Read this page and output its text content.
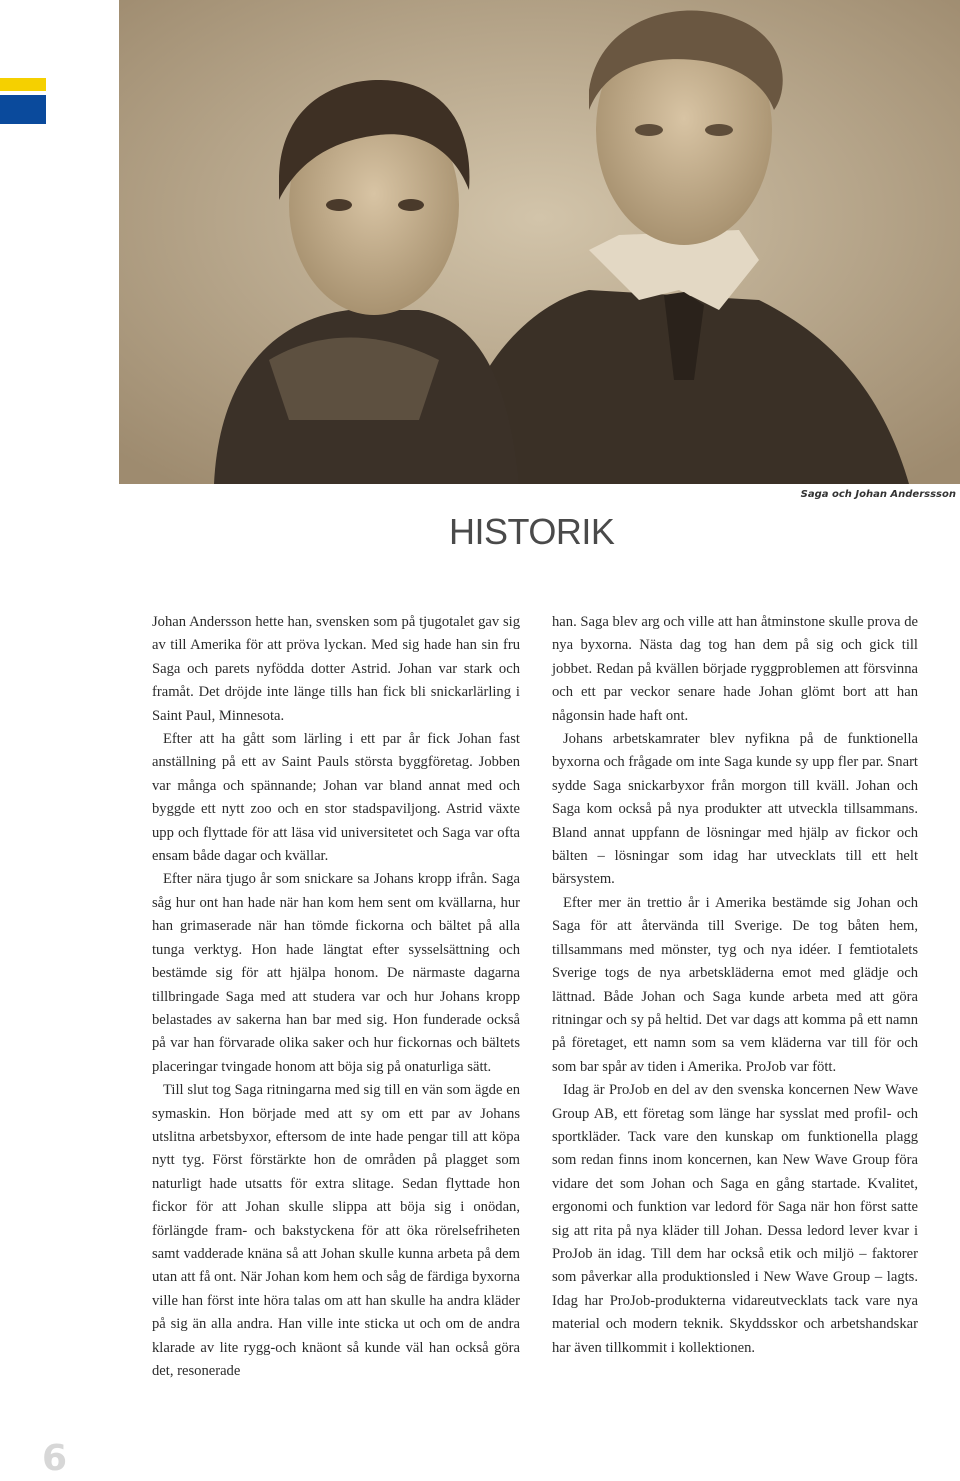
Saga och Johan Anderssson
HISTORIK

Johan Andersson hette han, svensken som på tjugotalet gav sig av till Amerika för att pröva lyckan. Med sig hade han sin fru Saga och parets nyfödda dotter Astrid. Johan var stark och framåt. Det dröjde inte länge tills han fick bli snickarlärling i Saint Paul, Minnesota.

Efter att ha gått som lärling i ett par år fick Johan fast anställning på ett av Saint Pauls största byggföretag. Jobben var många och spännande; Johan var bland annat med och byggde ett nytt zoo och en stor stadspaviljong. Astrid växte upp och flyttade för att läsa vid universitetet och Saga var ofta ensam både dagar och kvällar.

Efter nära tjugo år som snickare sa Johans kropp ifrån. Saga såg hur ont han hade när han kom hem sent om kvällarna, hur han grimaserade när han tömde fickorna och bältet på alla tunga verktyg. Hon hade längtat efter sysselsättning och bestämde sig för att hjälpa honom. De närmaste dagarna tillbringade Saga med att studera var och hur Johans kropp belastades av sakerna han bar med sig. Hon funderade också på var han förvarade olika saker och hur fickornas och bältets placeringar tvingade honom att böja sig på onaturliga sätt.

Till slut tog Saga ritningarna med sig till en vän som ägde en symaskin. Hon började med att sy om ett par av Johans utslitna arbetsbyxor, eftersom de inte hade pengar till att köpa nytt tyg. Först förstärkte hon de områden på plagget som naturligt hade utsatts för extra slitage. Sedan flyttade hon fickor för att Johan skulle slippa att böja sig i onödan, förlängde fram- och bakstyckena för att öka rörelsefriheten samt vadderade knäna så att Johan skulle kunna arbeta på dem utan att få ont. När Johan kom hem och såg de färdiga byxorna ville han först inte höra talas om att han skulle ha andra kläder på sig än alla andra. Han ville inte sticka ut och om de andra klarade av lite rygg-och knäont så kunde väl han också göra det, resonerade

han. Saga blev arg och ville att han åtminstone skulle prova de nya byxorna. Nästa dag tog han dem på sig och gick till jobbet. Redan på kvällen började ryggproblemen att försvinna och ett par veckor senare hade Johan glömt bort att han någonsin hade haft ont.

Johans arbetskamrater blev nyfikna på de funktionella byxorna och frågade om inte Saga kunde sy upp fler par. Snart sydde Saga snickarbyxor från morgon till kväll. Johan och Saga kom också på nya produkter att utveckla tillsammans. Bland annat uppfann de lösningar med hjälp av fickor och bälten – lösningar som idag har utvecklats till ett helt bärsystem.

Efter mer än trettio år i Amerika bestämde sig Johan och Saga för att återvända till Sverige. De tog båten hem, tillsammans med mönster, tyg och nya idéer. I femtiotalets Sverige togs de nya arbetskläderna emot med glädje och lättnad. Både Johan och Saga kunde arbeta med att göra ritningar och sy på heltid. Det var dags att komma på ett namn på företaget, ett namn som sa vem kläderna var till för och som bar spår av tiden i Amerika. ProJob var fött.

Idag är ProJob en del av den svenska koncernen New Wave Group AB, ett företag som länge har sysslat med profil- och sportkläder. Tack vare den kunskap om funktionella plagg som redan finns inom koncernen, kan New Wave Group föra vidare det som Johan och Saga en gång startade. Kvalitet, ergonomi och funktion var ledord för Saga när hon först satte sig att rita på nya kläder till Johan. Dessa ledord lever kvar i ProJob än idag. Till dem har också etik och miljö – faktorer som påverkar alla produktionsled i New Wave Group – lagts. Idag har ProJob-produkterna vidareutvecklats tack vare nya material och modern teknik. Skyddsskor och arbetshandskar har även tillkommit i kollektionen.

6
